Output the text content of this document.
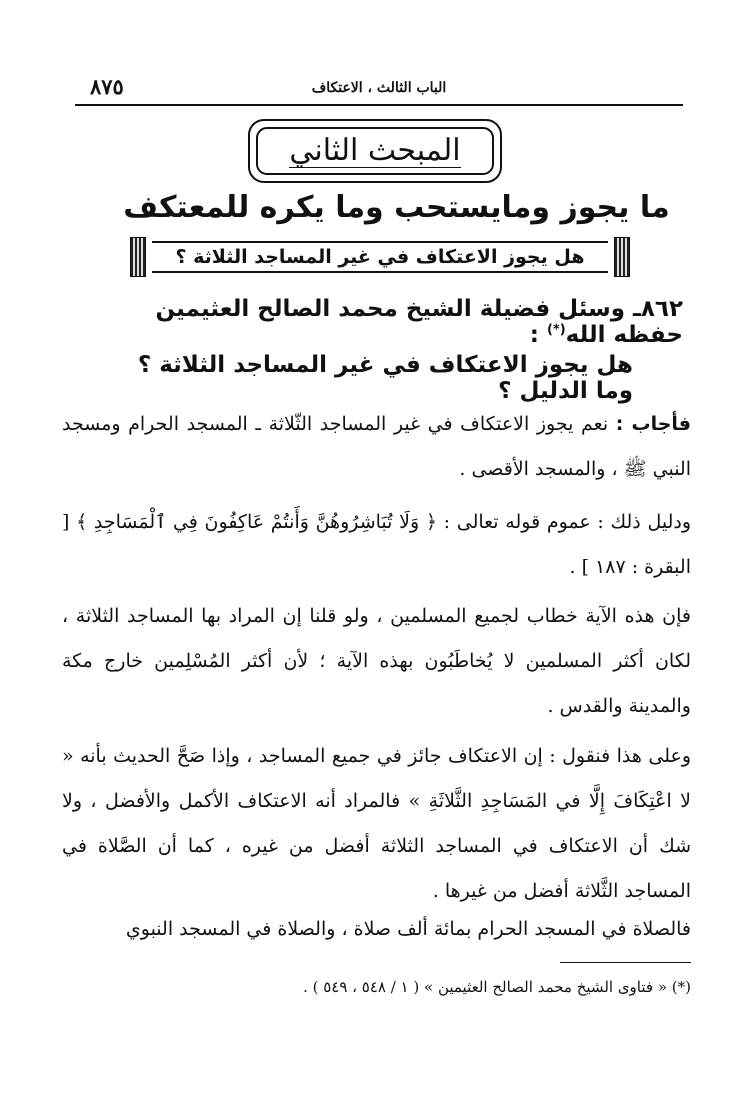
٨٧٥	الباب الثالث ، الاعتكاف
المبحث الثاني
ما يجوز ومايستحب وما يكره للمعتكف
هل يجوز الاعتكاف في غير المساجد الثلاثة ؟
٨٦٢ـ وسئل فضيلة الشيخ محمد الصالح العثيمين حفظه الله(*) :
هل يجوز الاعتكاف في غير المساجد الثلاثة ؟ وما الدليل ؟
فأجاب : نعم يجوز الاعتكاف في غير المساجد الثّلاثة ـ المسجد الحرام ومسجد النبي ﷺ ، والمسجد الأقصى .
ودليل ذلك : عموم قوله تعالى : ﴿ وَلَا تُبَاشِرُوهُنَّ وَأَنتُمْ عَاكِفُونَ فِي ٱلْمَسَاجِدِ ﴾ [ البقرة : ١٨٧ ] .
فإن هذه الآية خطاب لجميع المسلمين ، ولو قلنا إن المراد بها المساجد الثلاثة ، لكان أكثر المسلمين لا يُخاطَبُون بهذه الآية ؛ لأن أكثر المُسْلِمين خارج مكة والمدينة والقدس .
وعلى هذا فنقول : إن الاعتكاف جائز في جميع المساجد ، وإذا صَحَّ الحديث بأنه « لا اعْتِكَافَ إِلَّا في المَسَاجِدِ الثَّلاثَةِ » فالمراد أنه الاعتكاف الأكمل والأفضل ، ولا شك أن الاعتكاف في المساجد الثلاثة أفضل من غيره ، كما أن الصَّلاة في المساجد الثَّلاثة أفضل من غيرها .
فالصلاة في المسجد الحرام بمائة ألف صلاة ، والصلاة في المسجد النبوي
(*) « فتاوى الشيخ محمد الصالح العثيمين » ( ١ / ٥٤٨ ، ٥٤٩ ) .
